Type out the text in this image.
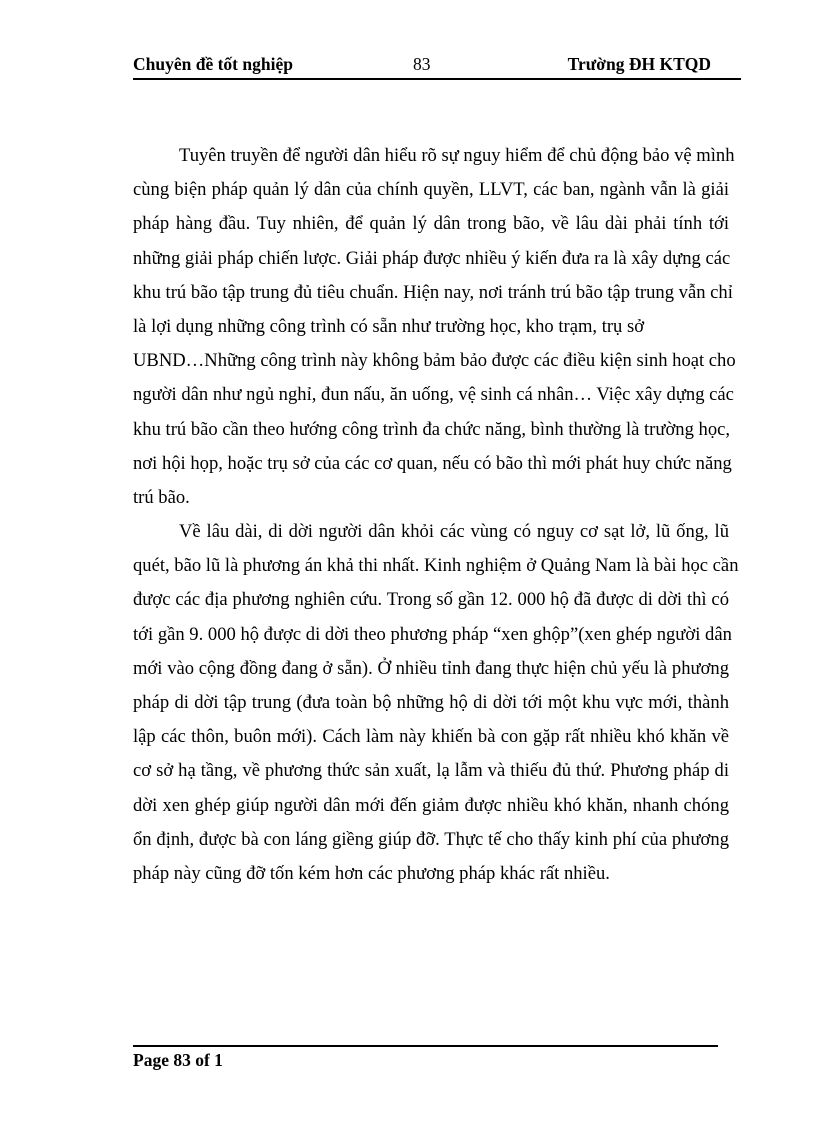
Chuyên đề tốt nghiệp	83	Trường ĐH KTQD
Tuyên truyền để người dân hiểu rõ sự nguy hiểm để chủ động bảo vệ mình
cùng biện pháp quản lý dân của chính quyền, LLVT, các ban, ngành vẫn là giải
pháp hàng đầu. Tuy nhiên, để quản lý dân trong bão, về lâu dài phải tính tới
những giải pháp chiến lược. Giải pháp được nhiều ý kiến đưa ra là xây dựng các
khu trú bão tập trung đủ tiêu chuẩn. Hiện nay, nơi tránh trú bão tập trung vẫn chỉ
là lợi dụng những công trình có sẵn như trường học, kho trạm, trụ sở
UBND…Những công trình này không bảm bảo được các điều kiện sinh hoạt cho
người dân như ngủ nghỉ, đun nấu, ăn uống, vệ sinh cá nhân… Việc xây dựng các
khu trú bão cần theo hướng công trình đa chức năng, bình thường là trường học,
nơi hội họp, hoặc trụ sở của các cơ quan, nếu có bão thì mới phát huy chức năng
trú bão.
Về lâu dài, di dời người dân khỏi các vùng có nguy cơ sạt lở, lũ ống, lũ
quét, bão lũ là phương án khả thi nhất. Kinh nghiệm ở Quảng Nam là bài học cần
được các địa phương nghiên cứu. Trong số gần 12. 000 hộ đã được di dời thì có
tới gần 9. 000 hộ được di dời theo phương pháp “xen ghộp”(xen ghép người dân
mới vào cộng đồng đang ở sẵn). Ở nhiều tỉnh đang thực hiện chủ yếu là phương
pháp di dời tập trung (đưa toàn bộ những hộ di dời tới một khu vực mới, thành
lập các thôn, buôn mới). Cách làm này khiến bà con gặp rất nhiều khó khăn về
cơ sở hạ tầng, về phương thức sản xuất, lạ lẫm và thiếu đủ thứ. Phương pháp di
dời xen ghép giúp người dân mới đến giảm được nhiều khó khăn, nhanh chóng
ổn định, được bà con láng giềng giúp đỡ. Thực tế cho thấy kinh phí của phương
pháp này cũng đỡ tốn kém hơn các phương pháp khác rất nhiều.
Page 83 of 1
